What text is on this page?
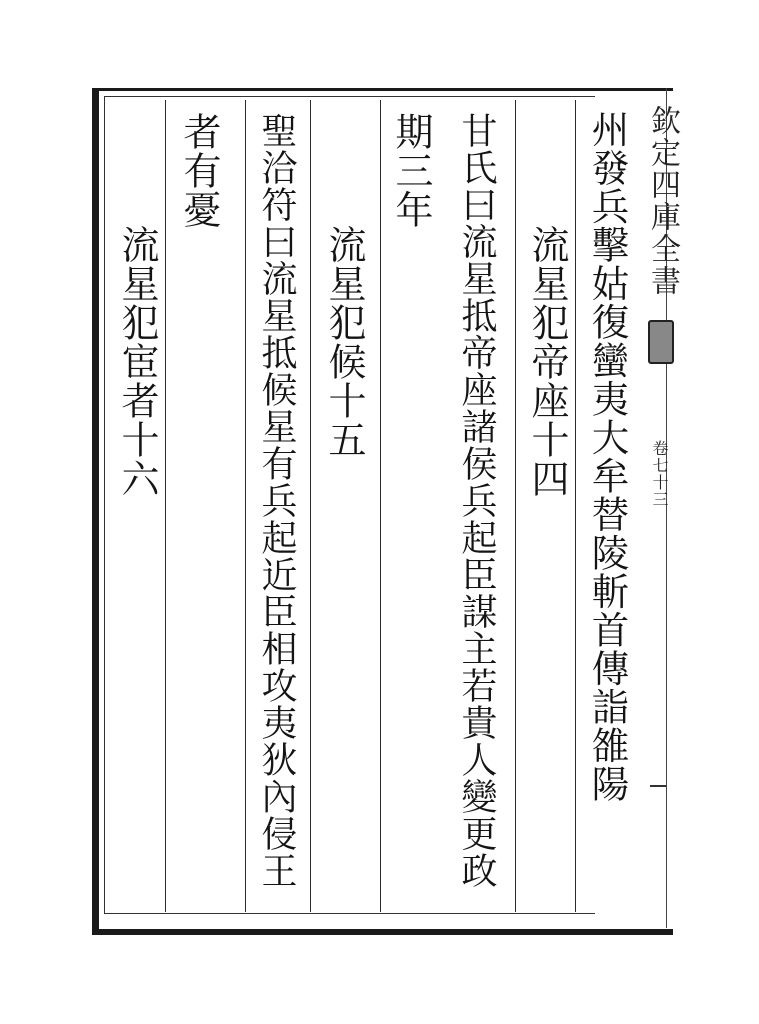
欽定四庫全書
卷七十三
州發兵擊姑復蠻夷大牟替陵斬首傳詣雒陽
流星犯帝座十四
甘氏曰流星抵帝座諸侯兵起臣謀主若貴人變更政
期三年
流星犯候十五
聖洽符曰流星抵候星有兵起近臣相攻夷狄內侵王
者有憂
流星犯宦者十六
